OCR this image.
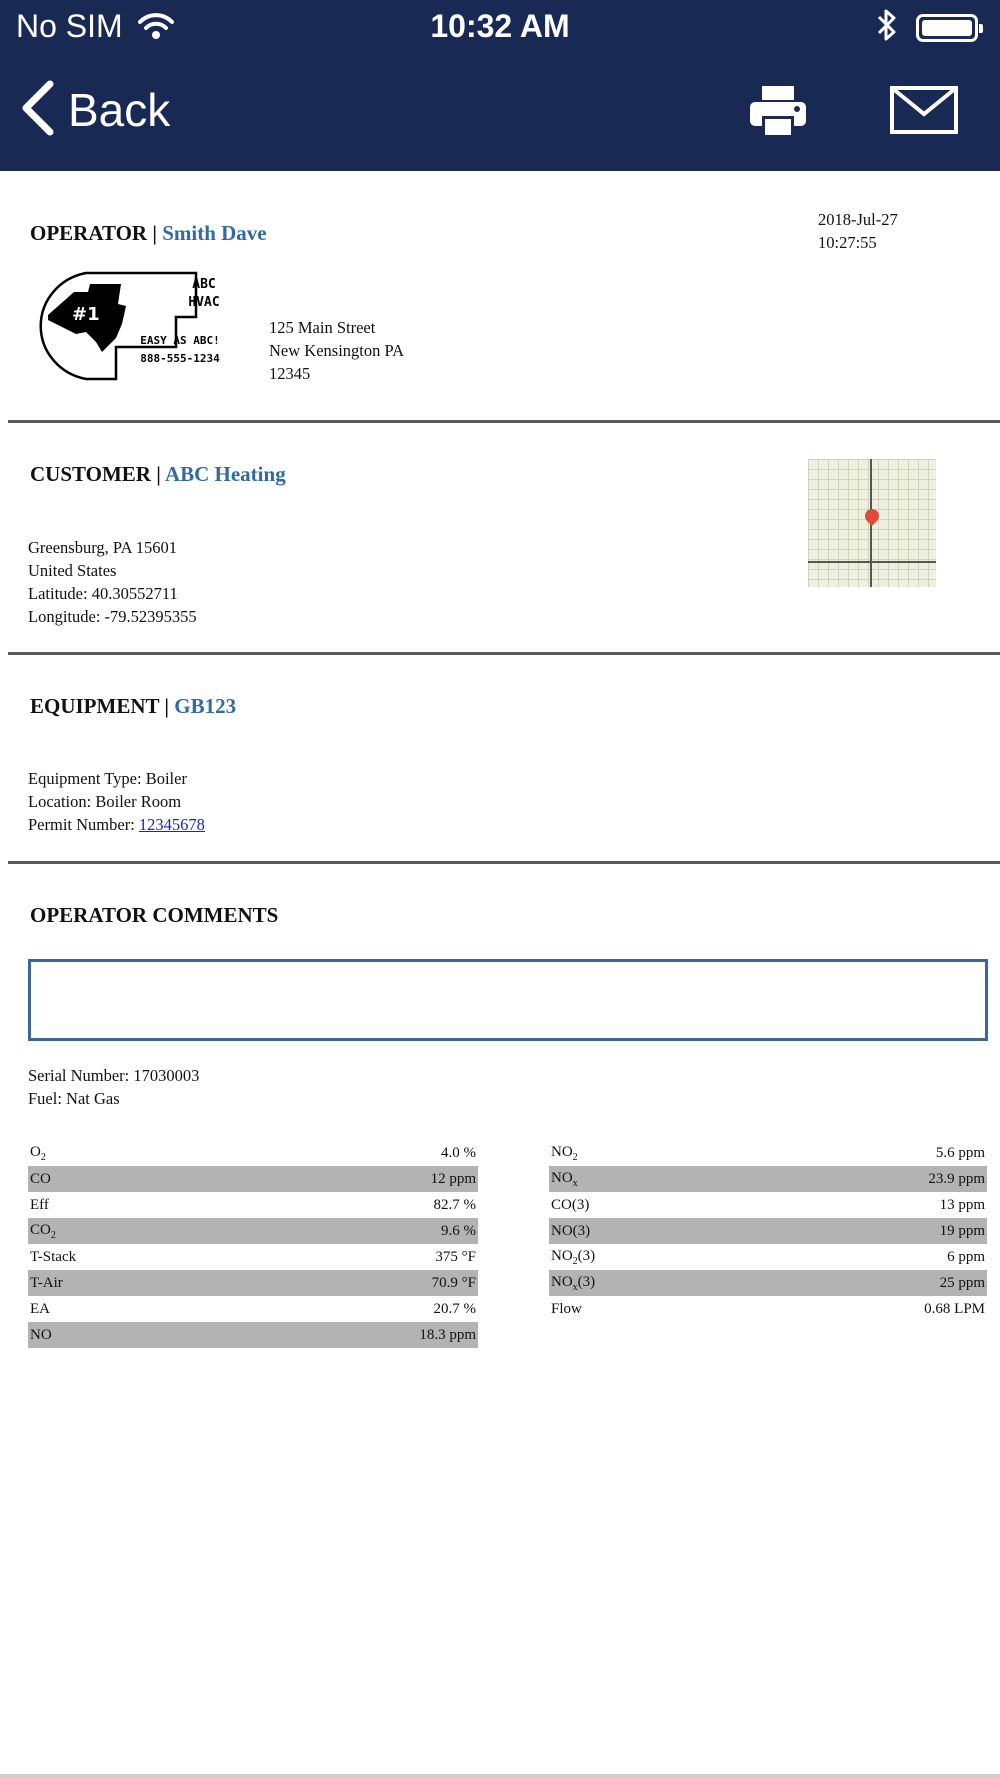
No SIM	10:32 AM
Back
OPERATOR | Smith Dave
2018-Jul-27
10:27:55
#1
ABC
HVAC
EASY AS ABC!
888-555-1234
125 Main Street
New Kensington PA
12345
CUSTOMER | ABC Heating
Greensburg, PA 15601
United States
Latitude: 40.30552711
Longitude: -79.52395355
EQUIPMENT | GB123
Equipment Type: Boiler
Location: Boiler Room
Permit Number: 12345678
OPERATOR COMMENTS
Serial Number: 17030003
Fuel: Nat Gas
$O_2$	4.0 %
CO	12 ppm
Eff	82.7 %
$CO_2$	9.6 %
T-Stack	375 °F
T-Air	70.9 °F
EA	20.7 %
NO	18.3 ppm
$NO_2$	5.6 ppm
$NO_x$	23.9 ppm
CO(3)	13 ppm
NO(3)	19 ppm
$NO_2(3)$	6 ppm
$NO_x(3)$	25 ppm
Flow	0.68 LPM
